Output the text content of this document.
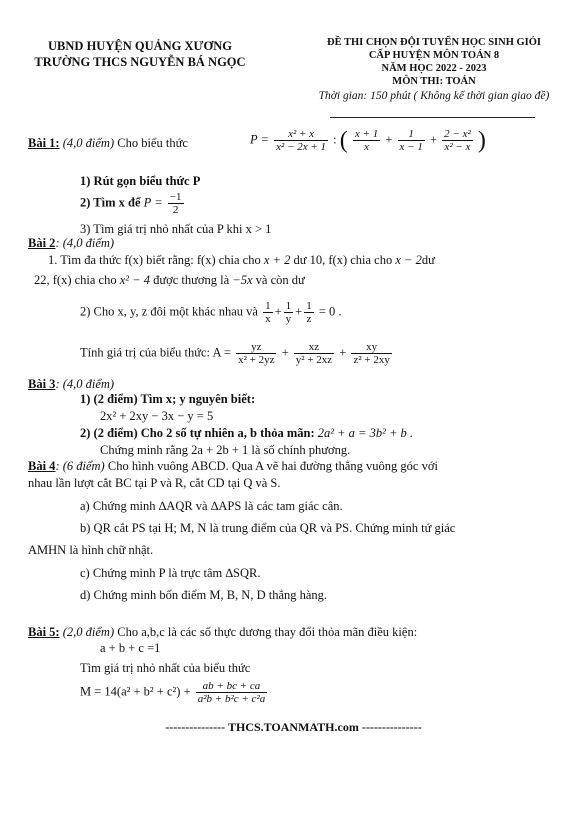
UBND HUYỆN QUẢNG XƯƠNG
TRƯỜNG THCS NGUYỄN BÁ NGỌC
ĐỀ THI CHỌN ĐỘI TUYỂN HỌC SINH GIỎI
CẤP HUYỆN MÔN TOÁN 8
NĂM HỌC 2022 - 2023
MÔN THI: TOÁN
Thời gian: 150 phút ( Không kể thời gian giao đề)
Bài 1: (4,0 điểm) Cho biểu thức	$P = \frac{\text{x² + x}}{\text{x² − 2x + 1}}$ : ( $\frac{x + 1}{x} + \frac{1}{x - 1} + \frac{\text{2 − x²}}{\text{x² − x}}$ )
1) Rút gọn biểu thức P
2) Tìm x để $P = \frac{-1}{2}$
3) Tìm giá trị nhỏ nhất của P khi x > 1
Bài 2: (4,0 điểm)
1. Tìm đa thức f(x) biết rằng: f(x) chia cho x + 2 dư 10, f(x) chia cho x − 2dư
22, f(x) chia cho x² − 4 được thương là −5x và còn dư
2) Cho x, y, z đôi một khác nhau và $\frac{1}{x} + \frac{1}{y} + \frac{1}{z} = 0$ .
Tính giá trị của biểu thức: $A = \frac{yz}{\text{x² + 2yz}} + \frac{xz}{\text{y² + 2xz}} + \frac{xy}{\text{z² + 2xy}}$
Bài 3: (4,0 điểm)
1) (2 điểm) Tìm x; y nguyên biết:
2x² + 2xy − 3x − y = 5
2) (2 điểm) Cho 2 số tự nhiên a, b thỏa mãn: 2a² + a = 3b² + b .
Chứng minh rằng 2a + 2b + 1 là số chính phương.
Bài 4: (6 điểm) Cho hình vuông ABCD. Qua A vẽ hai đường thẳng vuông góc với
nhau lần lượt cắt BC tại P và R, cắt CD tại Q và S.
a) Chứng minh ∆AQR và ∆APS là các tam giác cân.
b) QR cắt PS tại H; M, N là trung điểm của QR và PS. Chứng minh tứ giác
AMHN là hình chữ nhật.
c) Chứng minh P là trực tâm ∆SQR.
d) Chứng minh bốn điểm M, B, N, D thẳng hàng.
Bài 5: (2,0 điểm) Cho a,b,c là các số thực dương thay đổi thỏa mãn điều kiện:
a + b + c =1
Tìm giá trị nhỏ nhất của biểu thức
$M = 14(a^2 + b^2 + c^2) + \frac{ab + bc + ca}{\text{a²b + b²c + c²a}}$
--------------- THCS.TOANMATH.com ---------------
